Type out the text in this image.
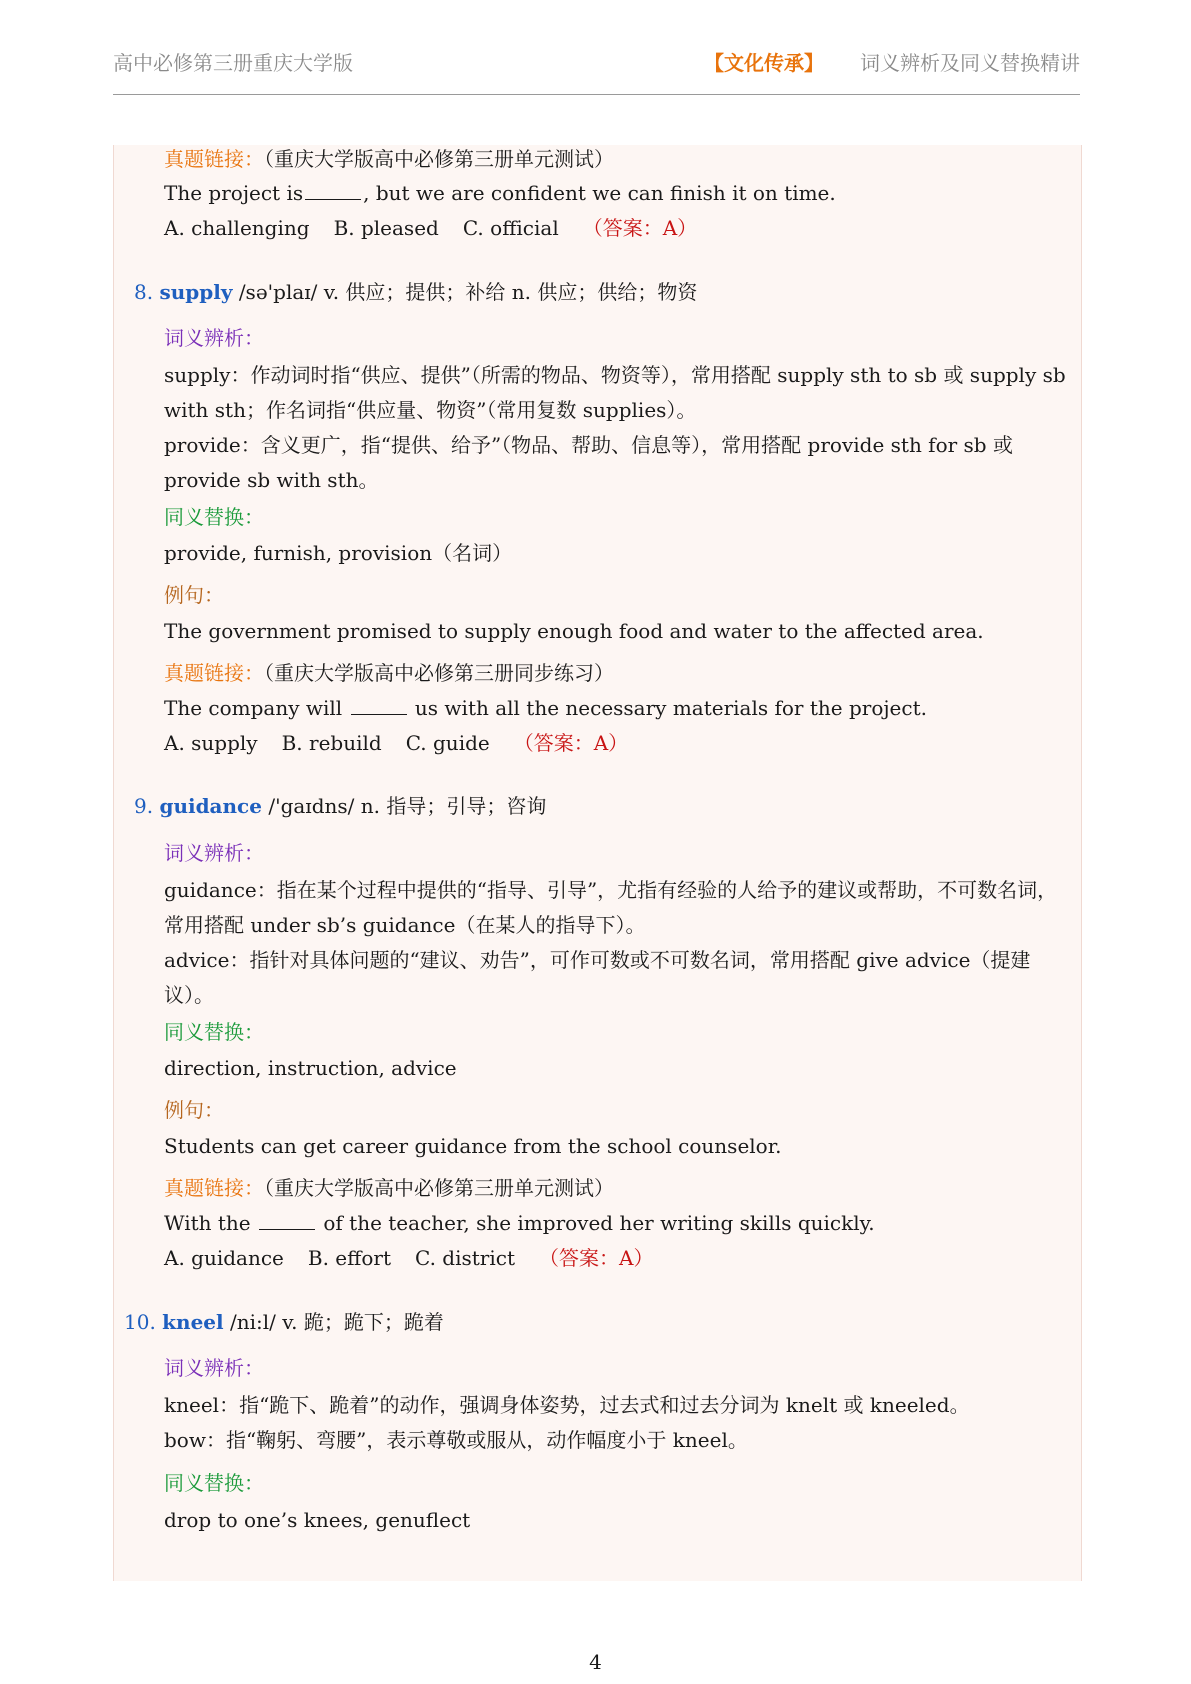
高中必修第三册重庆大学版	【文化传承】 词义辨析及同义替换精讲
真题链接：（重庆大学版高中必修第三册单元测试）
The project is	, but we are confident we can finish it on time.
A. challenging B. pleased C. official （答案：A）
8. supply /sə'plaɪ/ v. 供应；提供；补给 n. 供应；供给；物资
词义辨析：
supply：作动词时指“供应、提供”（所需的物品、物资等），常用搭配 supply sth to sb 或 supply sb with sth；作名词指“供应量、物资”（常用复数 supplies）。
provide：含义更广，指“提供、给予”（物品、帮助、信息等），常用搭配 provide sth for sb 或 provide sb with sth。
同义替换：
provide, furnish, provision（名词）
例句：
The government promised to supply enough food and water to the affected area.
真题链接：（重庆大学版高中必修第三册同步练习）
The company will	us with all the necessary materials for the project.
A. supply B. rebuild C. guide （答案：A）
9. guidance /'gaɪdns/ n. 指导；引导；咨询
词义辨析：
guidance：指在某个过程中提供的“指导、引导”，尤指有经验的人给予的建议或帮助，不可数名词，常用搭配 under sb’s guidance（在某人的指导下）。
advice：指针对具体问题的“建议、劝告”，可作可数或不可数名词，常用搭配 give advice（提建议）。
同义替换：
direction, instruction, advice
例句：
Students can get career guidance from the school counselor.
真题链接：（重庆大学版高中必修第三册单元测试）
With the	of the teacher, she improved her writing skills quickly.
A. guidance B. effort C. district （答案：A）
10. kneel /ni:l/ v. 跪；跪下；跪着
词义辨析：
kneel：指“跪下、跪着”的动作，强调身体姿势，过去式和过去分词为 knelt 或 kneeled。
bow：指“鞠躬、弯腰”，表示尊敬或服从，动作幅度小于 kneel。
同义替换：
drop to one’s knees, genuflect
4
